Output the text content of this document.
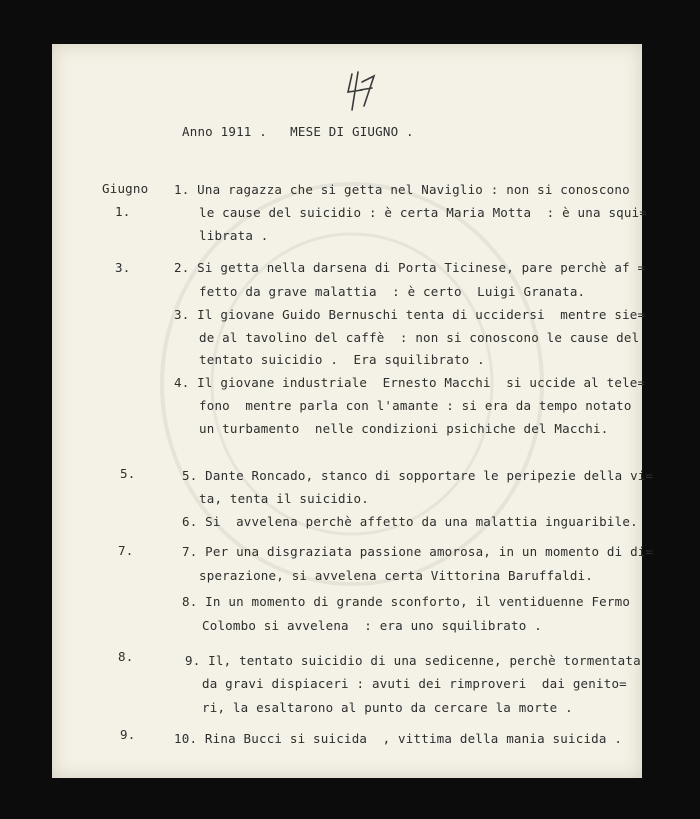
Anno 1911 .   MESE DI GIUGNO .
Giugno
1.
3.
5.
7.
8.
9.
1. Una ragazza che si getta nel Naviglio : non si conoscono
le cause del suicidio : è certa Maria Motta  : è una squi=
librata .
2. Si getta nella darsena di Porta Ticinese, pare perchè af =
fetto da grave malattia  : è certo  Luigi Granata.
3. Il giovane Guido Bernuschi tenta di uccidersi  mentre sie=
de al tavolino del caffè  : non si conoscono le cause del
tentato suicidio .  Era squilibrato .
4. Il giovane industriale  Ernesto Macchi  si uccide al tele=
fono  mentre parla con l'amante : si era da tempo notato
un turbamento  nelle condizioni psichiche del Macchi.
5. Dante Roncado, stanco di sopportare le peripezie della vi=
ta, tenta il suicidio.
6. Si  avvelena perchè affetto da una malattia inguaribile.
7. Per una disgraziata passione amorosa, in un momento di di=
sperazione, si avvelena certa Vittorina Baruffaldi.
8. In un momento di grande sconforto, il ventiduenne Fermo
Colombo si avvelena  : era uno squilibrato .
9. Il, tentato suicidio di una sedicenne, perchè tormentata
da gravi dispiaceri : avuti dei rimproveri  dai genito=
ri, la esaltarono al punto da cercare la morte .
10. Rina Bucci si suicida  , vittima della mania suicida .
